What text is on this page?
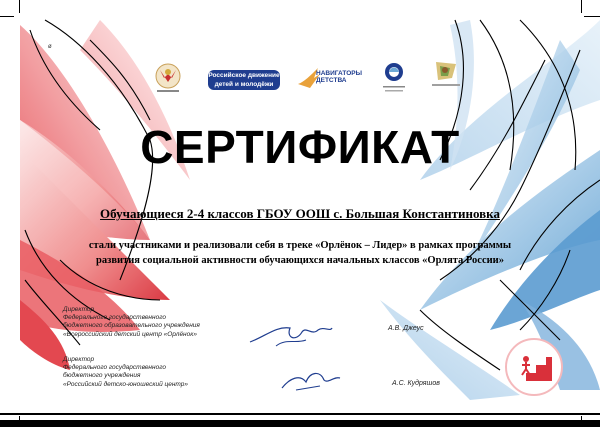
ø
Российское движение
детей и молодёжи
НАВИГАТОРЫ
ДЕТСТВА
СЕРТИФИКАТ
Обучающиеся 2-4 классов ГБОУ ООШ с. Большая Константиновка
стали участниками и реализовали себя в треке «Орлёнок – Лидер» в рамках программы
развития социальной активности обучающихся начальных классов «Орлята России»
Директор
Федерального государственного
бюджетного образовательного учреждения
«Всероссийский детский центр «Орлёнок»
А.В. Джеус
Директор
Федерального государственного
бюджетного учреждения
«Российский детско-юношеский центр»	А.С. Кудряшов
